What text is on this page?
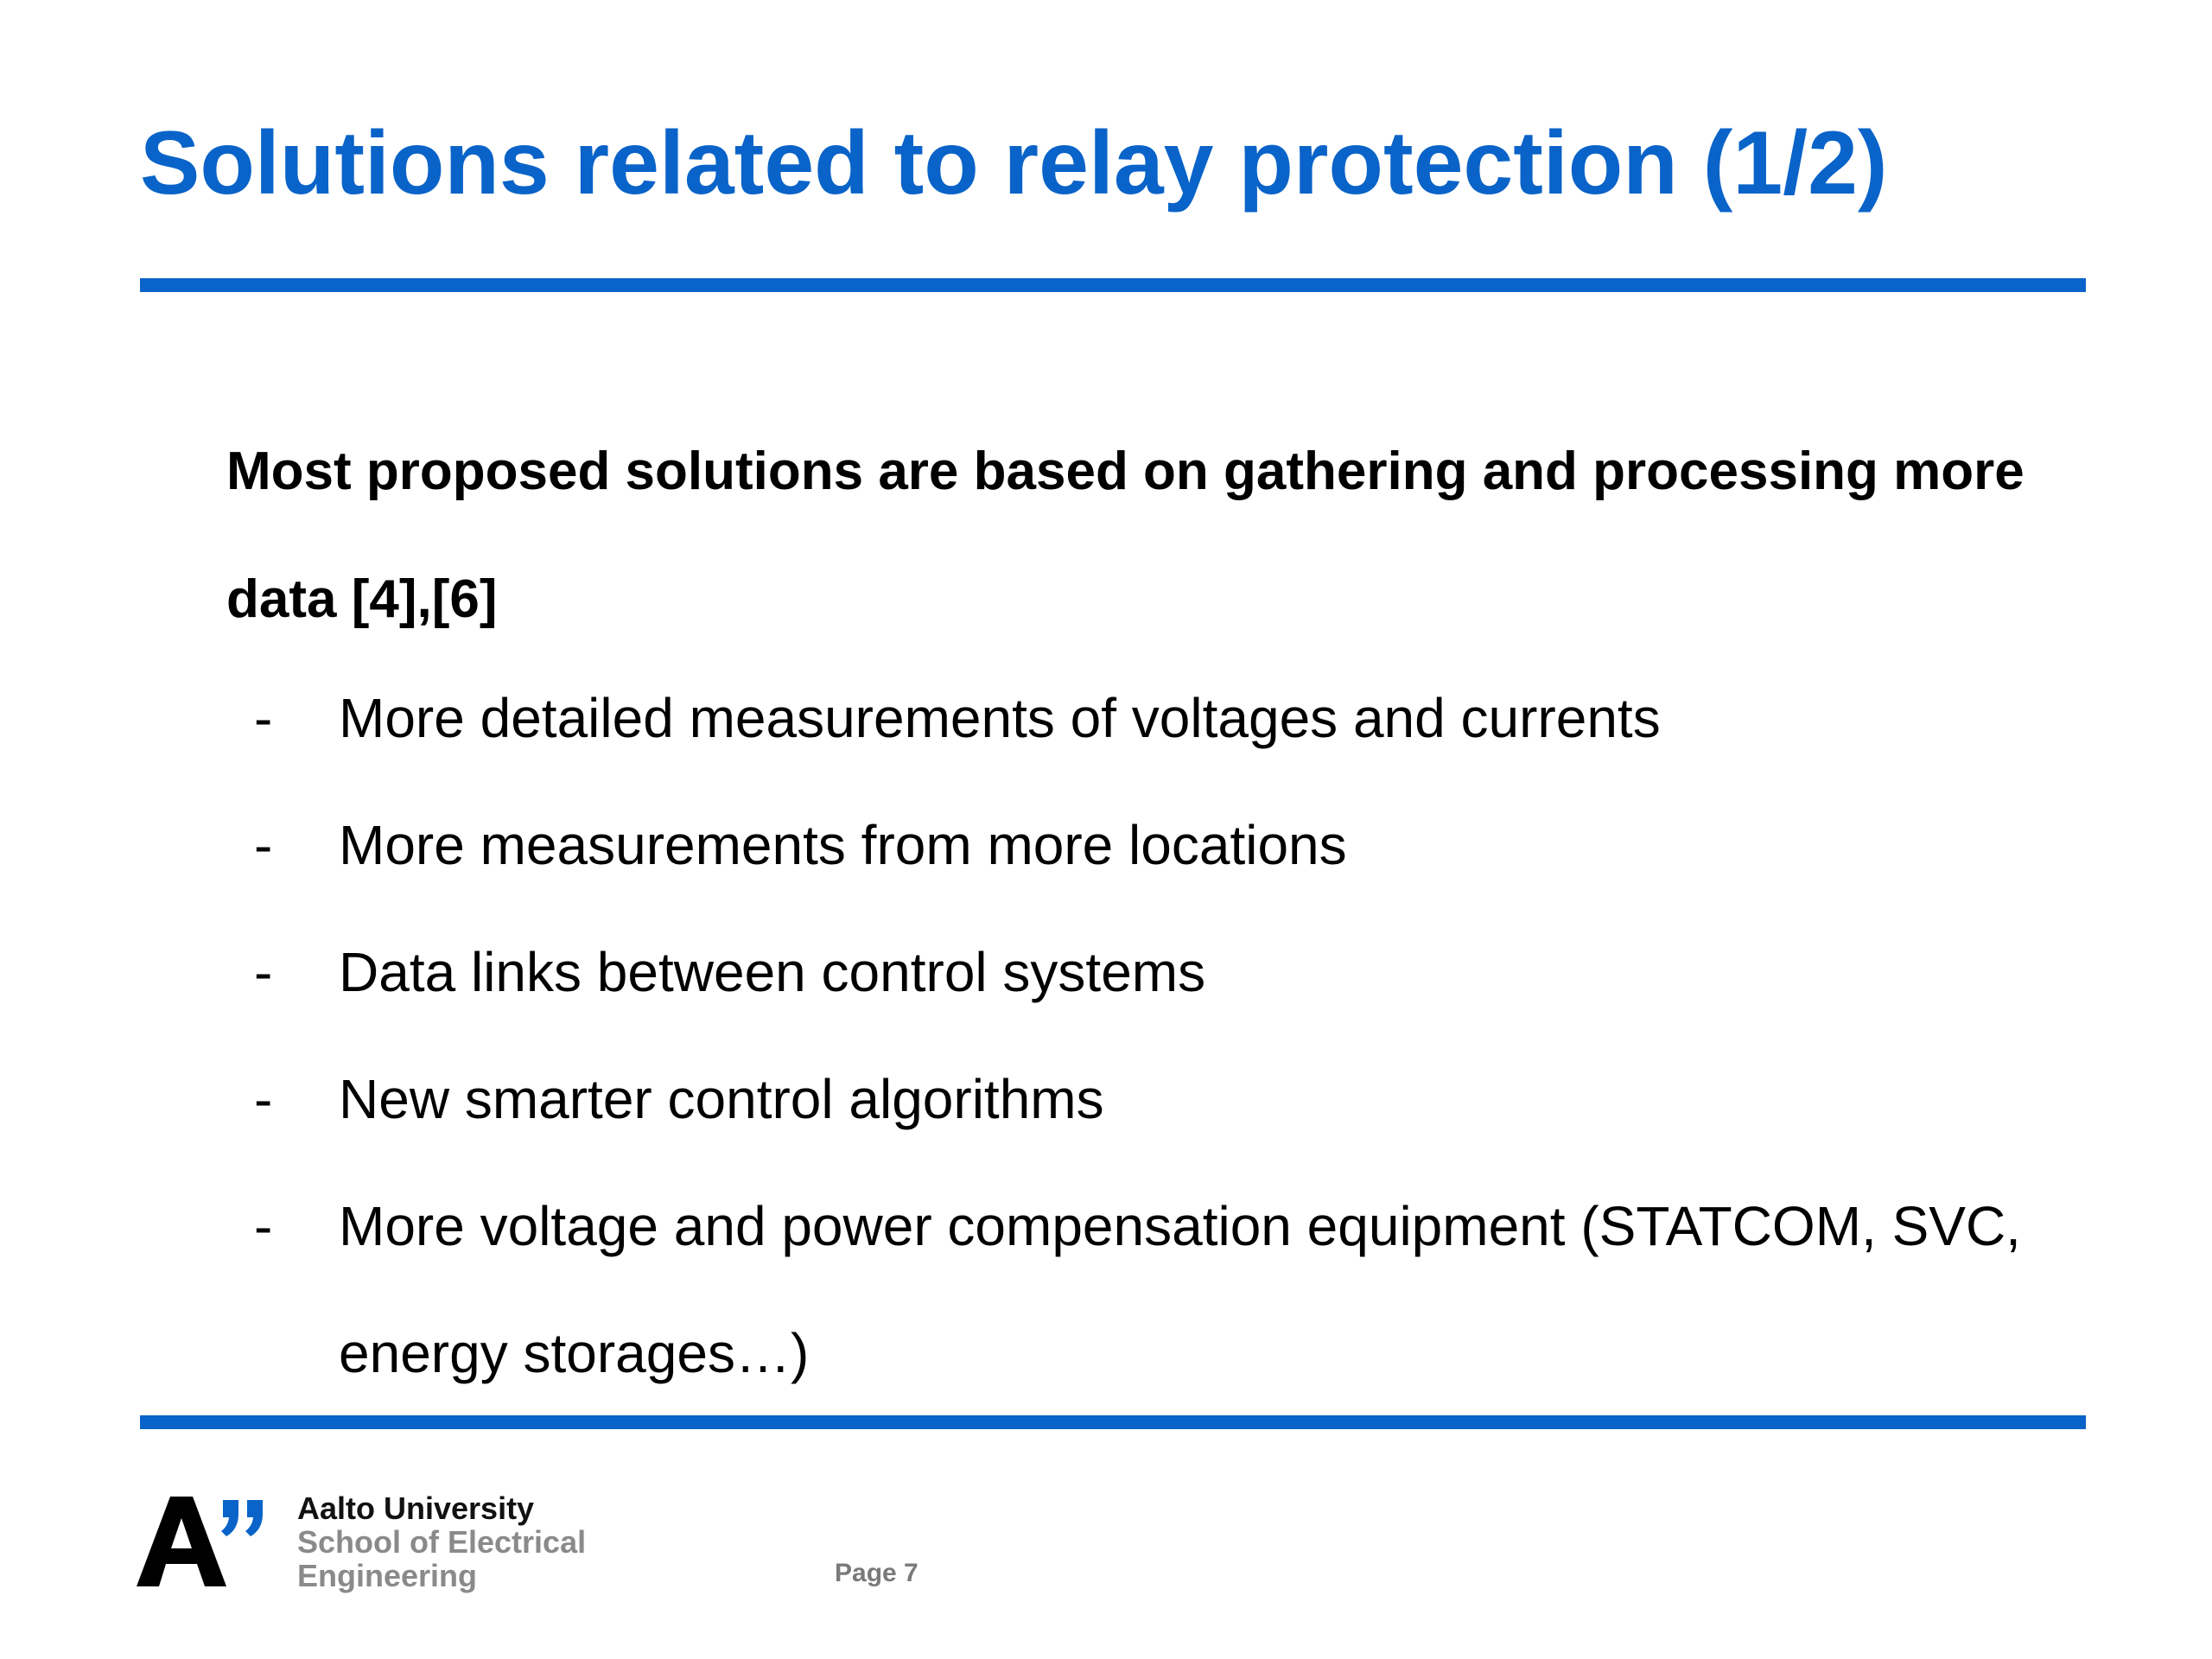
Solutions related to relay protection (1/2)

Most proposed solutions are based on gathering and processing more data [4],[6]

- More detailed measurements of voltages and currents
- More measurements from more locations
- Data links between control systems
- New smarter control algorithms
- More voltage and power compensation equipment (STATCOM, SVC, energy storages…)
Aalto University
School of Electrical
Engineering	Page 7
